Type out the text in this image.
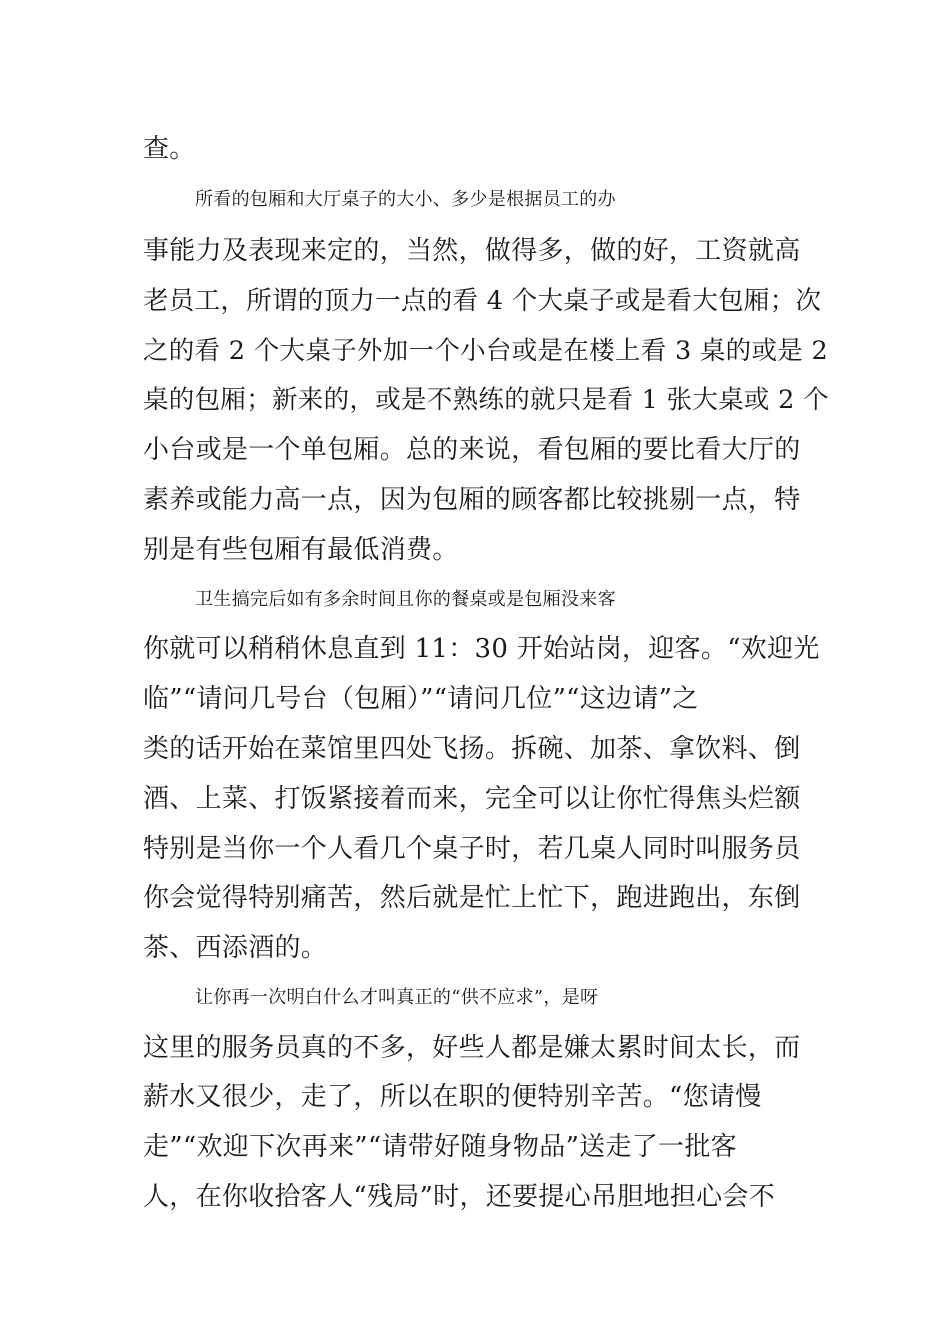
查。
所看的包厢和大厅桌子的大小、多少是根据员工的办
事能力及表现来定的，当然，做得多，做的好，工资就高
老员工，所谓的顶力一点的看 4 个大桌子或是看大包厢；次
之的看 2 个大桌子外加一个小台或是在楼上看 3 桌的或是 2
桌的包厢；新来的，或是不熟练的就只是看 1 张大桌或 2 个
小台或是一个单包厢。总的来说，看包厢的要比看大厅的
素养或能力高一点，因为包厢的顾客都比较挑剔一点，特
别是有些包厢有最低消费。
卫生搞完后如有多余时间且你的餐桌或是包厢没来客
你就可以稍稍休息直到 11：30 开始站岗，迎客。“欢迎光
临”“请问几号台（包厢）”“请问几位”“这边请”之
类的话开始在菜馆里四处飞扬。拆碗、加茶、拿饮料、倒
酒、上菜、打饭紧接着而来，完全可以让你忙得焦头烂额
特别是当你一个人看几个桌子时，若几桌人同时叫服务员
你会觉得特别痛苦，然后就是忙上忙下，跑进跑出，东倒
茶、西添酒的。
让你再一次明白什么才叫真正的“供不应求”，是呀
这里的服务员真的不多，好些人都是嫌太累时间太长，而
薪水又很少，走了，所以在职的便特别辛苦。“您请慢
走”“欢迎下次再来”“请带好随身物品”送走了一批客
人，在你收拾客人“残局”时，还要提心吊胆地担心会不
